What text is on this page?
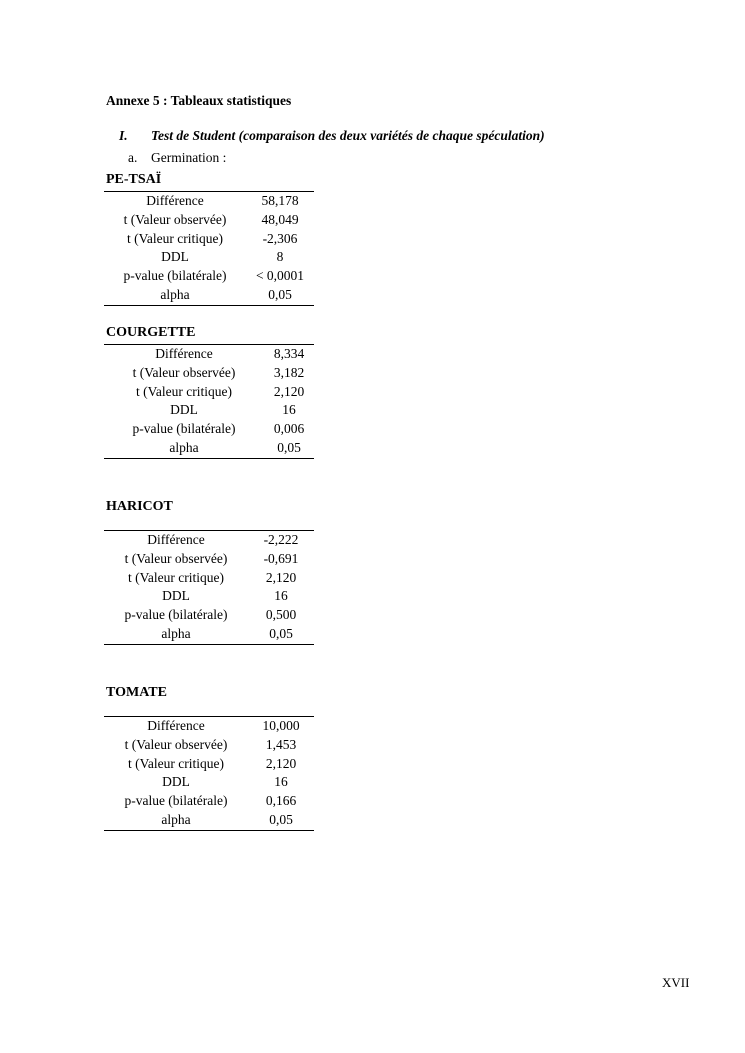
Annexe 5 : Tableaux statistiques
I. Test de Student (comparaison des deux variétés de chaque spéculation)
a. Germination :
PE-TSAÏ
Différence	58,178
t (Valeur observée)	48,049
t (Valeur critique)	-2,306
DDL	8
p-value (bilatérale)	< 0,0001
alpha	0,05
COURGETTE
Différence	8,334
t (Valeur observée)	3,182
t (Valeur critique)	2,120
DDL	16
p-value (bilatérale)	0,006
alpha	0,05
HARICOT
Différence	-2,222
t (Valeur observée)	-0,691
t (Valeur critique)	2,120
DDL	16
p-value (bilatérale)	0,500
alpha	0,05
TOMATE
Différence	10,000
t (Valeur observée)	1,453
t (Valeur critique)	2,120
DDL	16
p-value (bilatérale)	0,166
alpha	0,05
XVII
